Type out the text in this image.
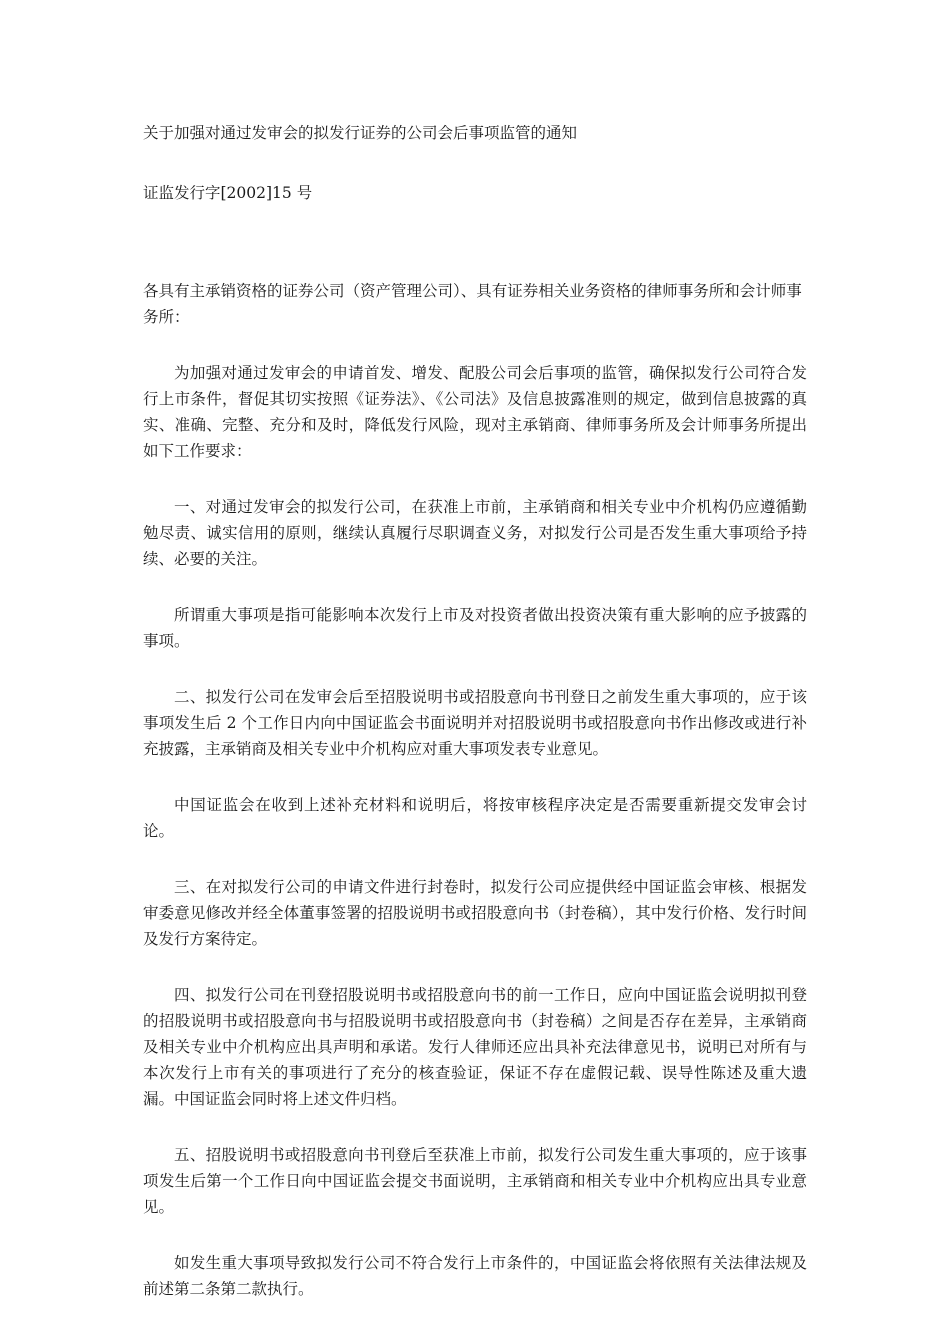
关于加强对通过发审会的拟发行证券的公司会后事项监管的通知
证监发行字[2002]15 号
各具有主承销资格的证券公司（资产管理公司）、具有证券相关业务资格的律师事务所和会计师事务所：

为加强对通过发审会的申请首发、增发、配股公司会后事项的监管，确保拟发行公司符合发行上市条件，督促其切实按照《证券法》、《公司法》及信息披露准则的规定，做到信息披露的真实、准确、完整、充分和及时，降低发行风险，现对主承销商、律师事务所及会计师事务所提出如下工作要求：

一、对通过发审会的拟发行公司，在获准上市前，主承销商和相关专业中介机构仍应遵循勤勉尽责、诚实信用的原则，继续认真履行尽职调查义务，对拟发行公司是否发生重大事项给予持续、必要的关注。

所谓重大事项是指可能影响本次发行上市及对投资者做出投资决策有重大影响的应予披露的事项。

二、拟发行公司在发审会后至招股说明书或招股意向书刊登日之前发生重大事项的，应于该事项发生后 2 个工作日内向中国证监会书面说明并对招股说明书或招股意向书作出修改或进行补充披露，主承销商及相关专业中介机构应对重大事项发表专业意见。

中国证监会在收到上述补充材料和说明后，将按审核程序决定是否需要重新提交发审会讨论。

三、在对拟发行公司的申请文件进行封卷时，拟发行公司应提供经中国证监会审核、根据发审委意见修改并经全体董事签署的招股说明书或招股意向书（封卷稿），其中发行价格、发行时间及发行方案待定。

四、拟发行公司在刊登招股说明书或招股意向书的前一工作日，应向中国证监会说明拟刊登的招股说明书或招股意向书与招股说明书或招股意向书（封卷稿）之间是否存在差异，主承销商及相关专业中介机构应出具声明和承诺。发行人律师还应出具补充法律意见书，说明已对所有与本次发行上市有关的事项进行了充分的核查验证，保证不存在虚假记载、误导性陈述及重大遗漏。中国证监会同时将上述文件归档。

五、招股说明书或招股意向书刊登后至获准上市前，拟发行公司发生重大事项的，应于该事项发生后第一个工作日向中国证监会提交书面说明，主承销商和相关专业中介机构应出具专业意见。

如发生重大事项导致拟发行公司不符合发行上市条件的，中国证监会将依照有关法律法规及前述第二条第二款执行。
